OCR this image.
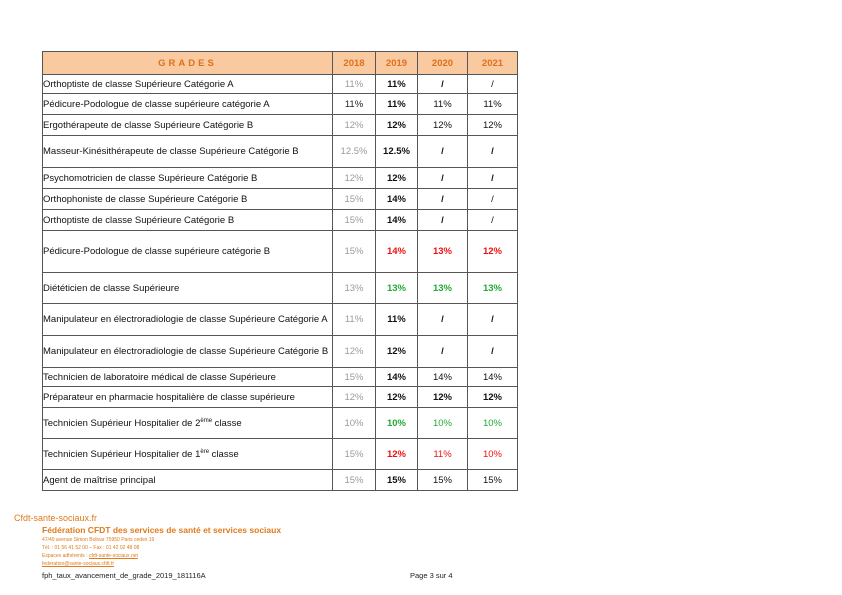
GRADES	2018	2019	2020	2021
Orthoptiste de classe Supérieure Catégorie A	11%	11%	/	/
Pédicure-Podologue de classe supérieure catégorie A	11%	11%	11%	11%
Ergothérapeute de classe Supérieure Catégorie B	12%	12%	12%	12%
Masseur-Kinésithérapeute de classe Supérieure Catégorie B	12.5%	12.5%	/	/
Psychomotricien de classe Supérieure Catégorie B	12%	12%	/	/
Orthophoniste de classe Supérieure Catégorie B	15%	14%	/	/
Orthoptiste de classe Supérieure Catégorie B	15%	14%	/	/
Pédicure-Podologue de classe supérieure catégorie B	15%	14%	13%	12%
Diététicien de classe Supérieure	13%	13%	13%	13%
Manipulateur en électroradiologie de classe Supérieure Catégorie A	11%	11%	/	/
Manipulateur en électroradiologie de classe Supérieure Catégorie B	12%	12%	/	/
Technicien de laboratoire médical de classe Supérieure	15%	14%	14%	14%
Préparateur en pharmacie hospitalière de classe supérieure	12%	12%	12%	12%
Technicien Supérieur Hospitalier de 2ème classe	10%	10%	10%	10%
Technicien Supérieur Hospitalier de 1ère classe	15%	12%	11%	10%
Agent de maîtrise principal	15%	15%	15%	15%
Cfdt-sante-sociaux.fr
Fédération CFDT des services de santé et services sociaux
47/49 avenue Simon Bolivar 75950 Paris cedex 19
Tél. : 01 56 41 52 00 – Fax : 01 42 02 48 08
Espaces adhérents : cfdt-sante-sociaux.net
federation@sante-sociaux.cfdt.fr
fph_taux_avancement_de_grade_2019_181116A	Page 3 sur 4
